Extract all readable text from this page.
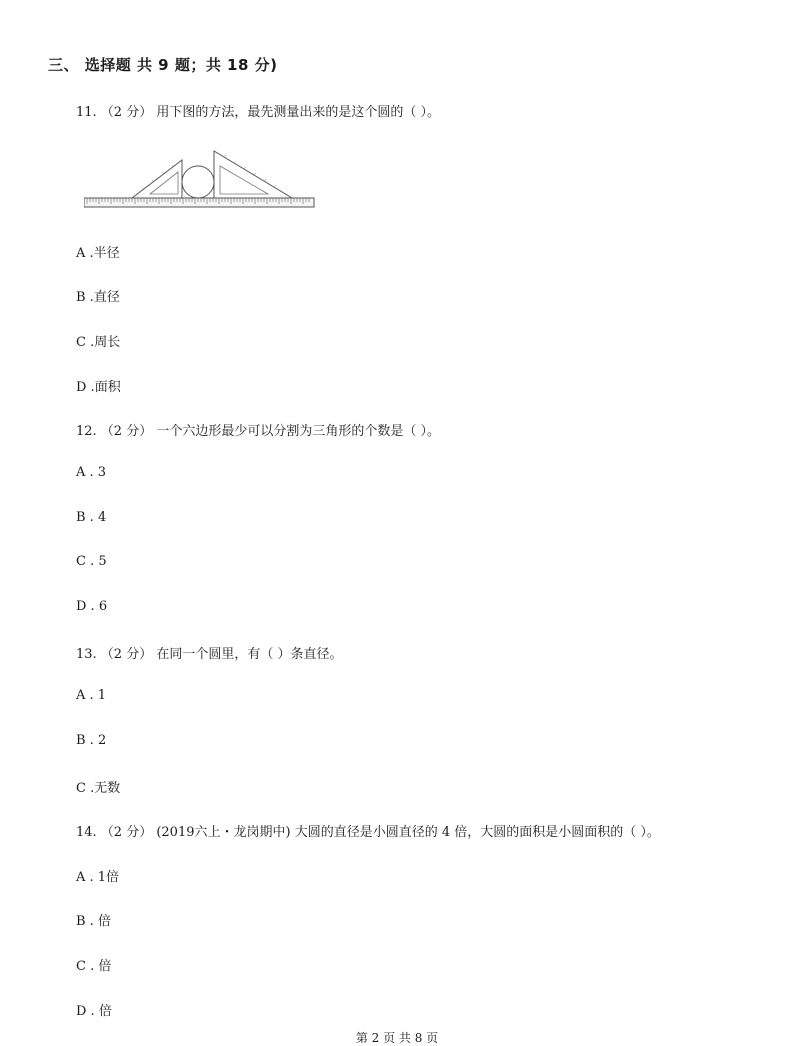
三、 选择题 共 9 题；共 18 分)
11. （2 分） 用下图的方法，最先测量出来的是这个圆的（ ）。
A .半径
B .直径
C .周长
D .面积
12. （2 分） 一个六边形最少可以分割为三角形的个数是（ ）。
A . 3
B . 4
C . 5
D . 6
13. （2 分） 在同一个圆里，有（ ）条直径。
A . 1
B . 2
C .无数
14. （2 分） (2019六上・龙岗期中) 大圆的直径是小圆直径的 4 倍，大圆的面积是小圆面积的（ ）。
A . 1倍
B . 倍
C . 倍
D . 倍
第 2 页 共 8 页
